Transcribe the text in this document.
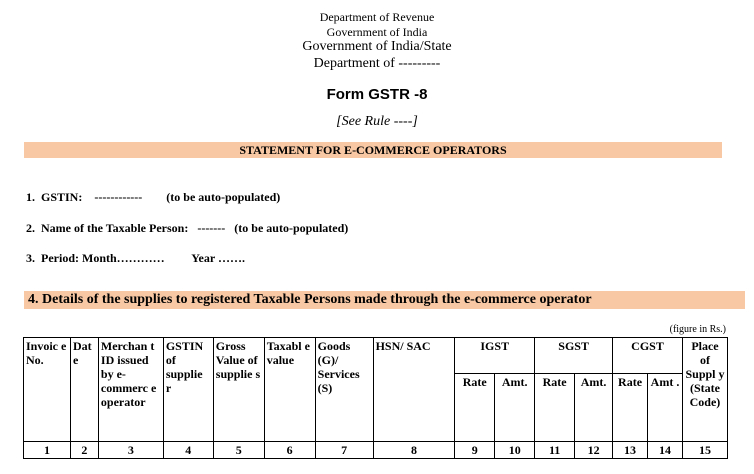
Department of Revenue
Government of India
Government of India/State
Department of ---------
Form GSTR -8
[See Rule ----]
STATEMENT FOR E-COMMERCE OPERATORS
1.  GSTIN:    ------------        (to be auto-populated)
2.  Name of the Taxable Person:   -------   (to be auto-populated)
3.  Period: Month…………         Year …….
4. Details of the supplies to registered Taxable Persons made through the e-commerce operator
(figure in Rs.)
Invoic e No.	Dat e	Merchan t ID issued by e- commerc e operator	GSTIN of supplie r	Gross Value of supplie s	Taxabl e value	Goods (G)/ Services (S)	HSN/ SAC	IGST		SGST		CGST		Place of Suppl y (State Code)
								Rate	Amt.	Rate	Amt.	Rate	Amt .	
1	2	3	4	5	6	7	8	9	10	11	12	13	14	15
